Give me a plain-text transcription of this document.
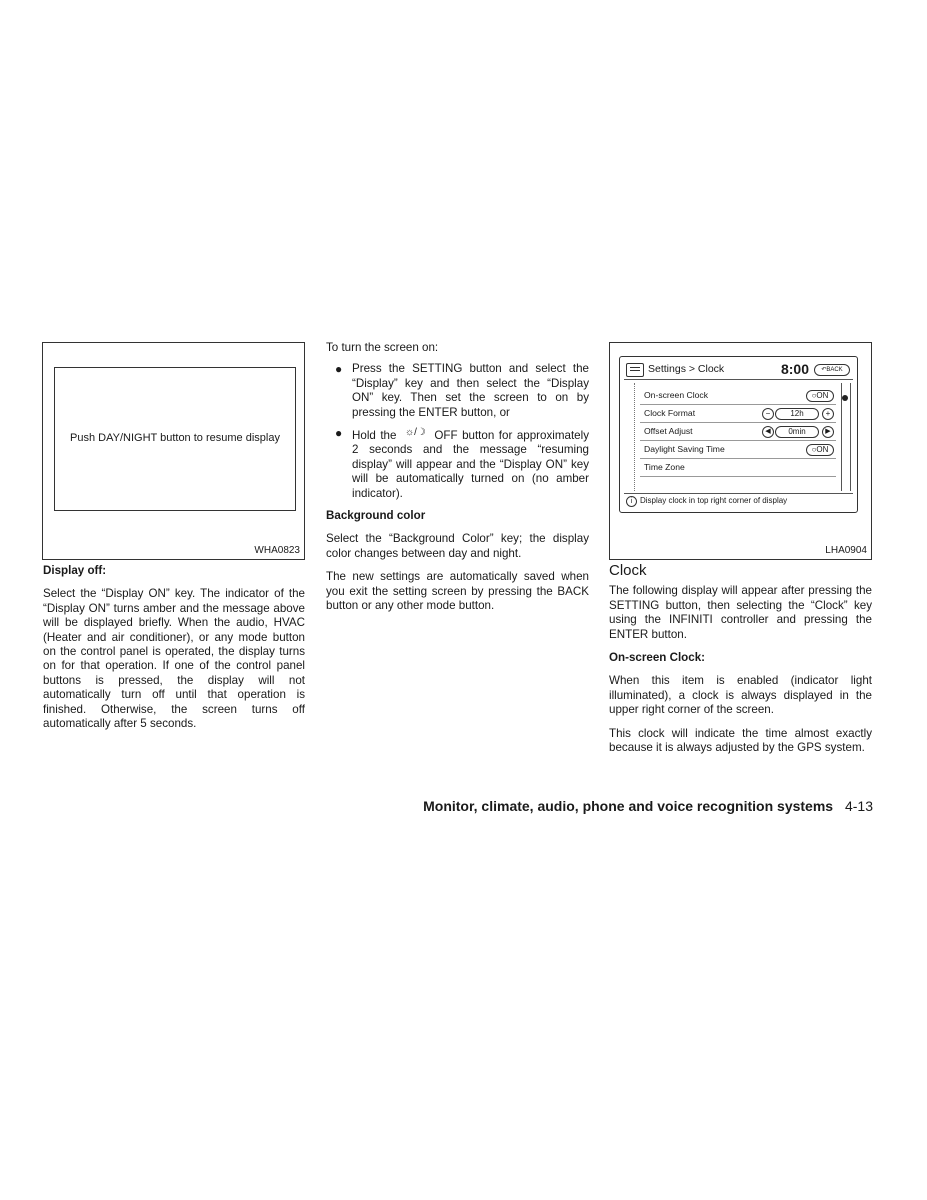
Push DAY/NIGHT button to resume display
WHA0823

Display off:

Select the “Display ON” key. The indicator of the “Display ON” turns amber and the message above will be displayed briefly. When the audio, HVAC (Heater and air conditioner), or any mode button on the control panel is operated, the display turns on for that operation. If one of the control panel buttons is pressed, the display will not automatically turn off until that operation is finished. Otherwise, the screen turns off automatically after 5 seconds.

To turn the screen on:

● Press the SETTING button and select the “Display” key and then select the “Display ON” key. Then set the screen to on by pressing the ENTER button, or
● Hold the ☼/☽ OFF button for approximately 2 seconds and the message “resuming display” will appear and the “Display ON” key will be automatically turned on (no amber indicator).

Background color

Select the “Background Color” key; the display color changes between day and night.

The new settings are automatically saved when you exit the setting screen by pressing the BACK button or any other mode button.

LHA0904
Settings > Clock	8:00	↶BACK
On-screen Clock	○ON
Clock Format	−	12h	+
Offset Adjust	◀	0min	▶
Daylight Saving Time	○ON
Time Zone
i Display clock in top right corner of display
Clock

The following display will appear after pressing the SETTING button, then selecting the “Clock” key using the INFINITI controller and pressing the ENTER button.

On-screen Clock:

When this item is enabled (indicator light illuminated), a clock is always displayed in the upper right corner of the screen.

This clock will indicate the time almost exactly because it is always adjusted by the GPS system.

Monitor, climate, audio, phone and voice recognition systems 4-13
